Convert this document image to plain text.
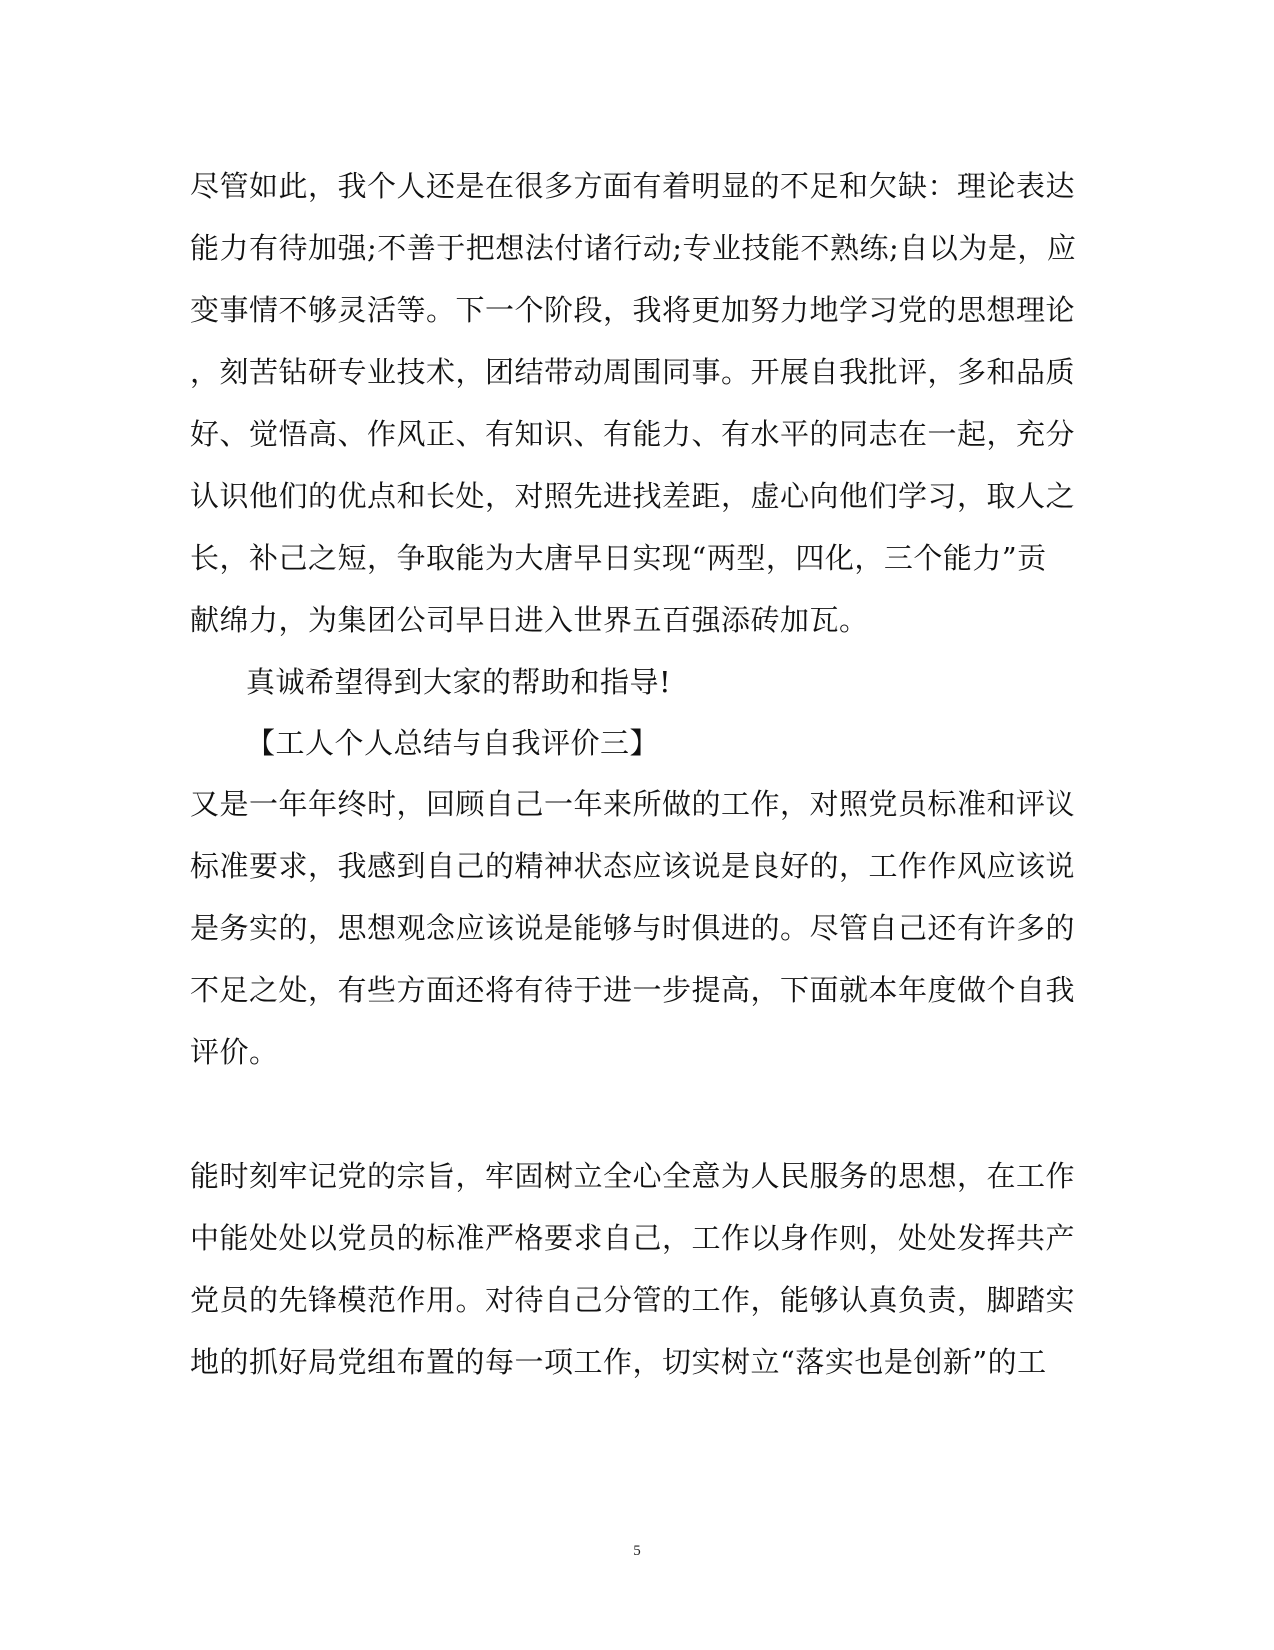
尽管如此，我个人还是在很多方面有着明显的不足和欠缺：理论表达
能力有待加强;不善于把想法付诸行动;专业技能不熟练;自以为是，应
变事情不够灵活等。下一个阶段，我将更加努力地学习党的思想理论
，刻苦钻研专业技术，团结带动周围同事。开展自我批评，多和品质
好、觉悟高、作风正、有知识、有能力、有水平的同志在一起，充分
认识他们的优点和长处，对照先进找差距，虚心向他们学习，取人之
长，补己之短，争取能为大唐早日实现“两型，四化，三个能力”贡
献绵力，为集团公司早日进入世界五百强添砖加瓦。
真诚希望得到大家的帮助和指导!
【工人个人总结与自我评价三】
又是一年年终时，回顾自己一年来所做的工作，对照党员标准和评议
标准要求，我感到自己的精神状态应该说是良好的，工作作风应该说
是务实的，思想观念应该说是能够与时俱进的。尽管自己还有许多的
不足之处，有些方面还将有待于进一步提高，下面就本年度做个自我
评价。
能时刻牢记党的宗旨，牢固树立全心全意为人民服务的思想，在工作
中能处处以党员的标准严格要求自己，工作以身作则，处处发挥共产
党员的先锋模范作用。对待自己分管的工作，能够认真负责，脚踏实
地的抓好局党组布置的每一项工作，切实树立“落实也是创新”的工
5
